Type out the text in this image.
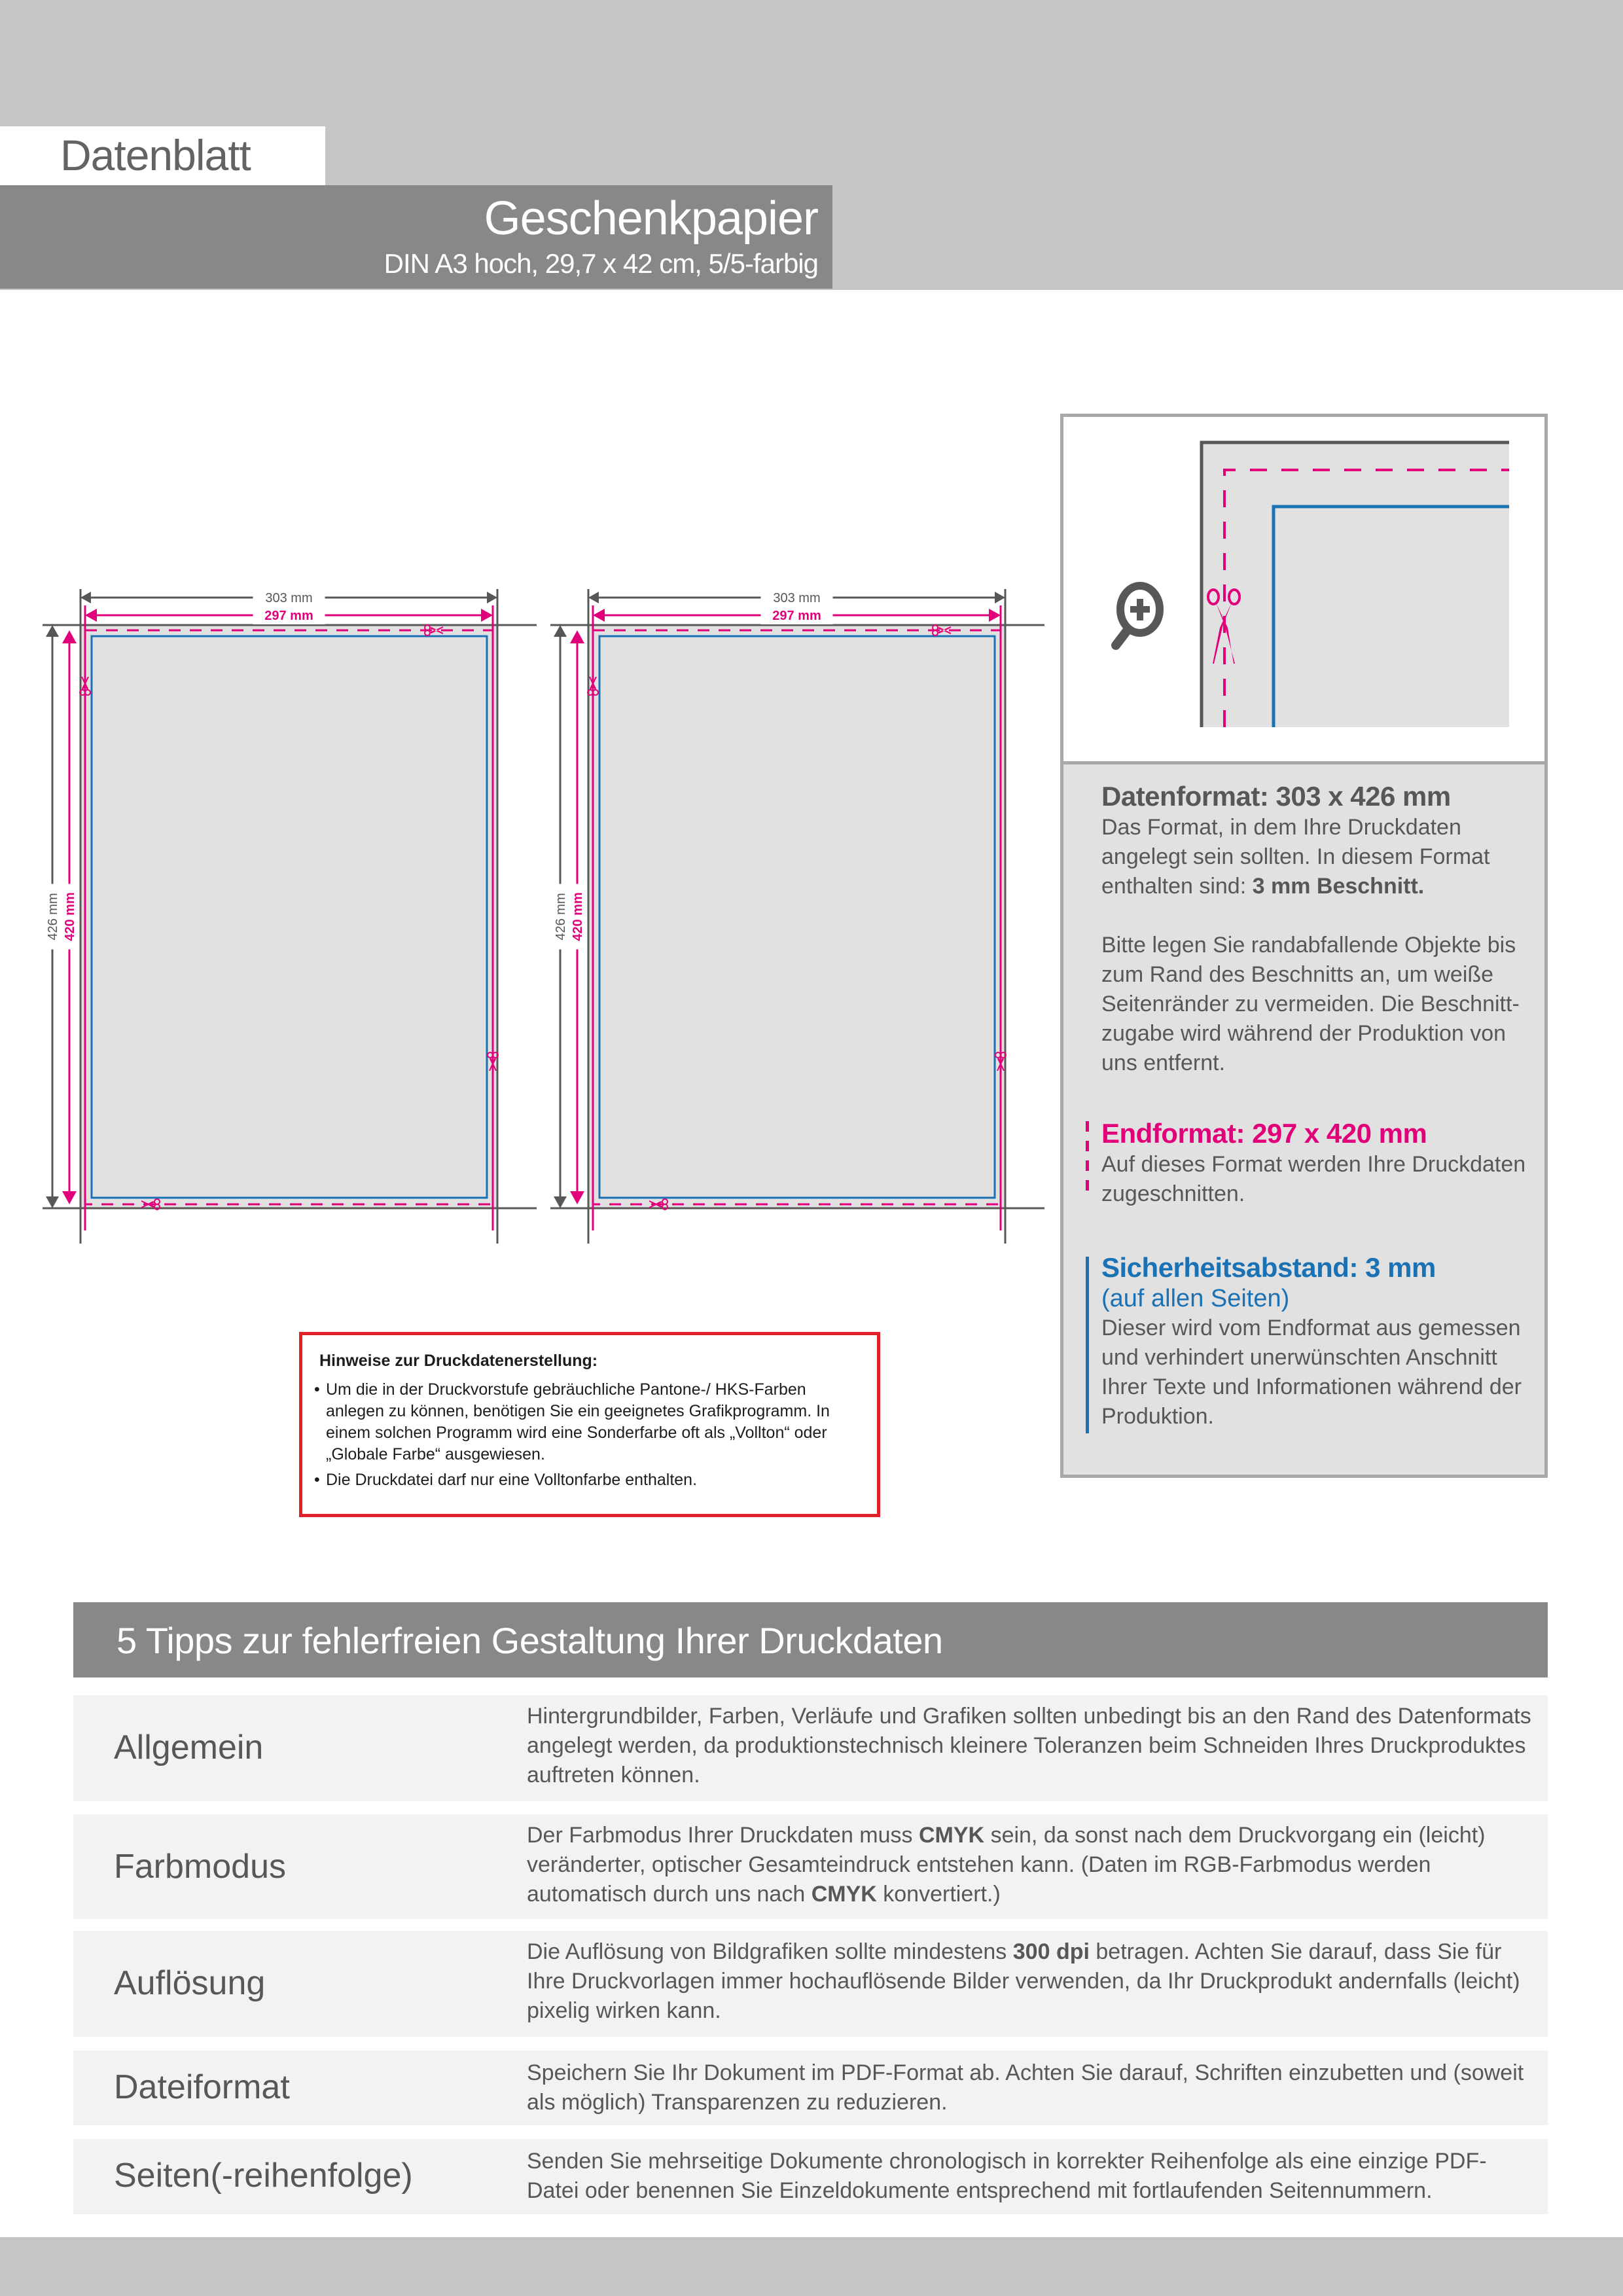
Datenblatt
Geschenkpapier
DIN A3 hoch, 29,7 x 42 cm, 5/5-farbig
303 mm
297 mm
426 mm 420 mm
303 mm
297 mm
426 mm 420 mm
Datenformat: 303 x 426 mm
Das Format, in dem Ihre Druckdaten angelegt sein sollten. In diesem Format enthalten sind: 3 mm Beschnitt.
Bitte legen Sie randabfallende Objekte bis zum Rand des Beschnitts an, um weiße Seitenränder zu vermeiden. Die Beschnitt-zugabe wird während der Produktion von uns entfernt.
Endformat: 297 x 420 mm
Auf dieses Format werden Ihre Druckdaten zugeschnitten.
Sicherheitsabstand: 3 mm
(auf allen Seiten)
Dieser wird vom Endformat aus gemessen und verhindert unerwünschten Anschnitt Ihrer Texte und Informationen während der Produktion.
Hinweise zur Druckdatenerstellung:
• Um die in der Druckvorstufe gebräuchliche Pantone-/ HKS-Farben anlegen zu können, benötigen Sie ein geeignetes Grafikprogramm. In einem solchen Programm wird eine Sonderfarbe oft als „Vollton“ oder „Globale Farbe“ ausgewiesen.
• Die Druckdatei darf nur eine Volltonfarbe enthalten.
5 Tipps zur fehlerfreien Gestaltung Ihrer Druckdaten
Allgemein
Hintergrundbilder, Farben, Verläufe und Grafiken sollten unbedingt bis an den Rand des Datenformats angelegt werden, da produktionstechnisch kleinere Toleranzen beim Schneiden Ihres Druckproduktes auftreten können.
Farbmodus
Der Farbmodus Ihrer Druckdaten muss CMYK sein, da sonst nach dem Druckvorgang ein (leicht) veränderter, optischer Gesamteindruck entstehen kann. (Daten im RGB-Farbmodus werden automatisch durch uns nach CMYK konvertiert.)
Auflösung
Die Auflösung von Bildgrafiken sollte mindestens 300 dpi betragen. Achten Sie darauf, dass Sie für Ihre Druckvorlagen immer hochauflösende Bilder verwenden, da Ihr Druckprodukt andernfalls (leicht) pixelig wirken kann.
Dateiformat	Speichern Sie Ihr Dokument im PDF-Format ab. Achten Sie darauf, Schriften einzubetten und (soweit als möglich) Transparenzen zu reduzieren.
Seiten(-reihenfolge)	Senden Sie mehrseitige Dokumente chronologisch in korrekter Reihenfolge als eine einzige PDF-Datei oder benennen Sie Einzeldokumente entsprechend mit fortlaufenden Seitennummern.
